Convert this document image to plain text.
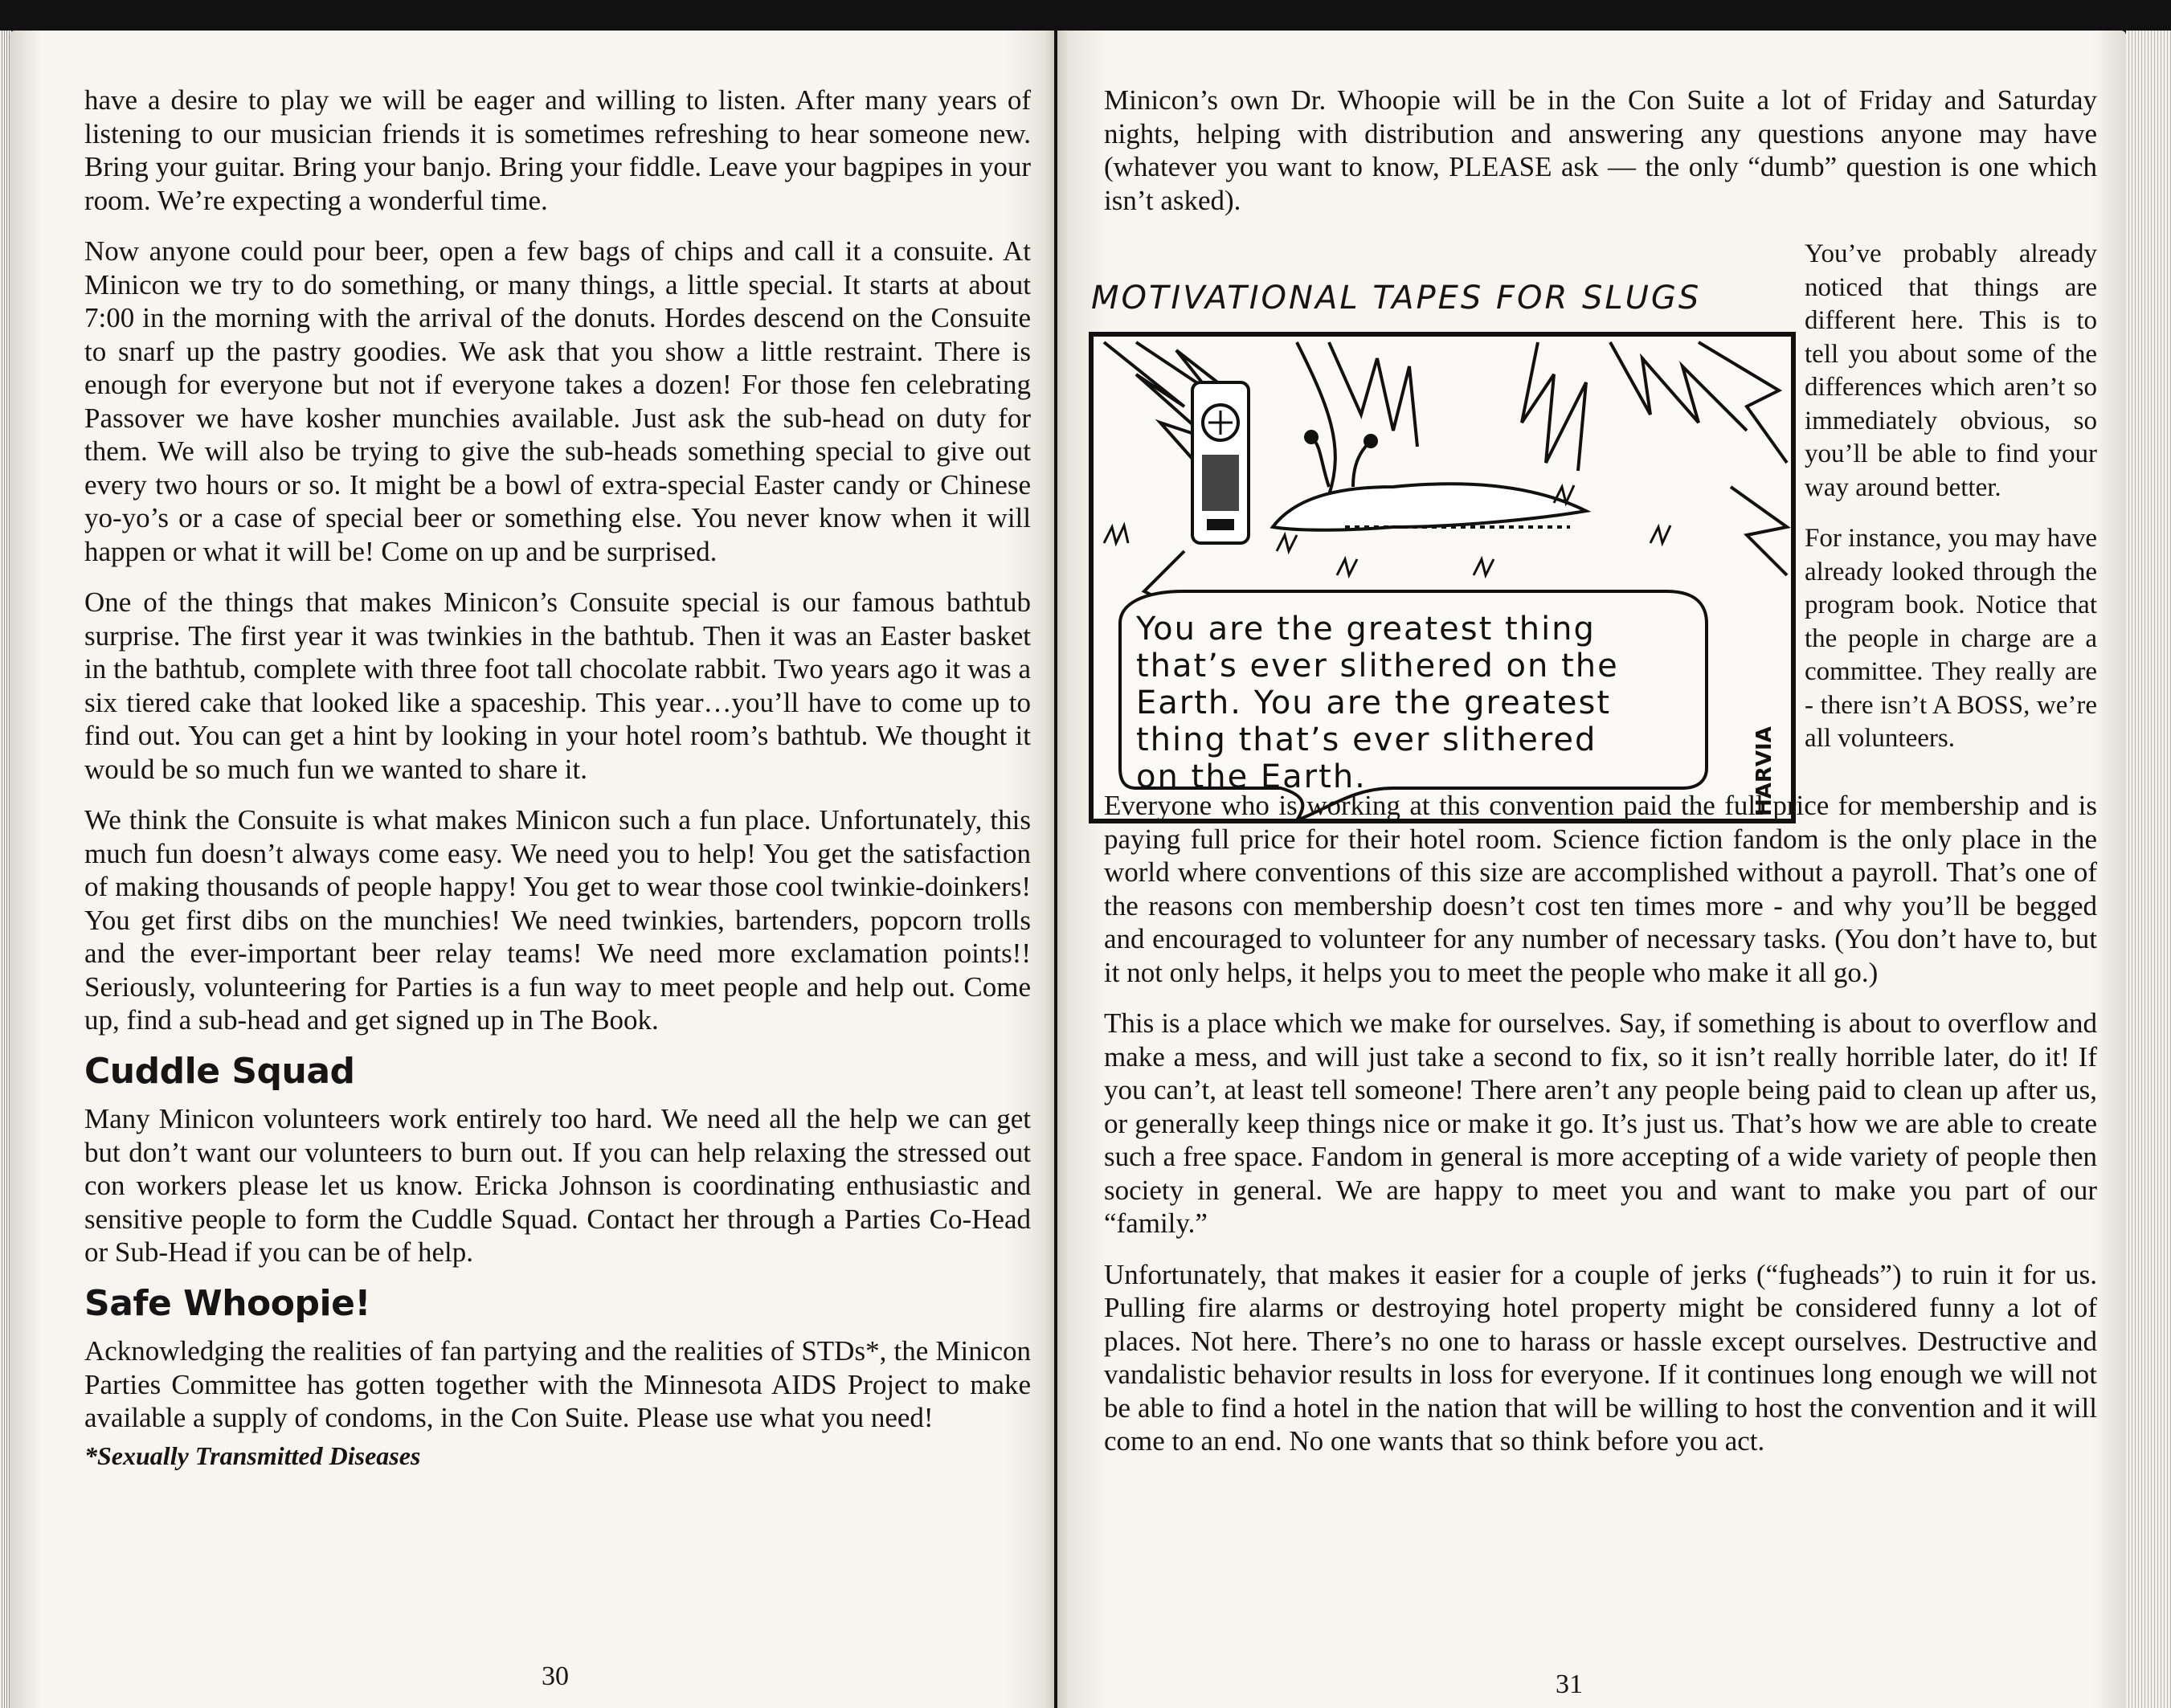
have a desire to play we will be eager and willing to listen. After many years of listening to our musician friends it is sometimes refreshing to hear someone new. Bring your guitar. Bring your banjo. Bring your fiddle. Leave your bagpipes in your room. We’re expecting a wonderful time.

Now anyone could pour beer, open a few bags of chips and call it a consuite. At Minicon we try to do something, or many things, a little special. It starts at about 7:00 in the morning with the arrival of the donuts. Hordes descend on the Consuite to snarf up the pastry goodies. We ask that you show a little restraint. There is enough for everyone but not if everyone takes a dozen! For those fen celebrating Passover we have kosher munchies available. Just ask the sub-head on duty for them. We will also be trying to give the sub-heads something special to give out every two hours or so. It might be a bowl of extra-special Easter candy or Chinese yo-yo’s or a case of special beer or something else. You never know when it will happen or what it will be! Come on up and be surprised.

One of the things that makes Minicon’s Consuite special is our famous bathtub surprise. The first year it was twinkies in the bathtub. Then it was an Easter basket in the bathtub, complete with three foot tall chocolate rabbit. Two years ago it was a six tiered cake that looked like a spaceship. This year…you’ll have to come up to find out. You can get a hint by looking in your hotel room’s bathtub. We thought it would be so much fun we wanted to share it.

We think the Consuite is what makes Minicon such a fun place. Unfortunately, this much fun doesn’t always come easy. We need you to help! You get the satisfaction of making thousands of people happy! You get to wear those cool twinkie-doinkers! You get first dibs on the munchies! We need twinkies, bartenders, popcorn trolls and the ever-important beer relay teams! We need more exclamation points!! Seriously, volunteering for Parties is a fun way to meet people and help out. Come up, find a sub-head and get signed up in The Book.

Cuddle Squad

Many Minicon volunteers work entirely too hard. We need all the help we can get but don’t want our volunteers to burn out. If you can help relaxing the stressed out con workers please let us know. Ericka Johnson is coordinating enthusiastic and sensitive people to form the Cuddle Squad. Contact her through a Parties Co-Head or Sub-Head if you can be of help.

Safe Whoopie!

Acknowledging the realities of fan partying and the realities of STDs*, the Minicon Parties Committee has gotten together with the Minnesota AIDS Project to make available a supply of condoms, in the Con Suite. Please use what you need!

*Sexually Transmitted Diseases
30

Minicon’s own Dr. Whoopie will be in the Con Suite a lot of Friday and Saturday nights, helping with distribution and answering any questions anyone may have (whatever you want to know, PLEASE ask — the only “dumb” question is one which isn’t asked).

MOTIVATIONAL TAPES FOR SLUGS
You are the greatest thing
that’s ever slithered on the
Earth. You are the greatest
thing that’s ever slithered
on the Earth.	HARVIA

You’ve probably already noticed that things are different here. This is to tell you about some of the differences which aren’t so immediately obvious, so you’ll be able to find your way around better.

For instance, you may have already looked through the program book. Notice that the people in charge are a committee. They really are - there isn’t A BOSS, we’re all volunteers.

Everyone who is working at this convention paid the full price for membership and is paying full price for their hotel room. Science fiction fandom is the only place in the world where conventions of this size are accomplished without a payroll. That’s one of the reasons con membership doesn’t cost ten times more - and why you’ll be begged and encouraged to volunteer for any number of necessary tasks. (You don’t have to, but it not only helps, it helps you to meet the people who make it all go.)

This is a place which we make for ourselves. Say, if something is about to overflow and make a mess, and will just take a second to fix, so it isn’t really horrible later, do it! If you can’t, at least tell someone! There aren’t any people being paid to clean up after us, or generally keep things nice or make it go. It’s just us. That’s how we are able to create such a free space. Fandom in general is more accepting of a wide variety of people then society in general. We are happy to meet you and want to make you part of our “family.”

Unfortunately, that makes it easier for a couple of jerks (“fugheads”) to ruin it for us. Pulling fire alarms or destroying hotel property might be considered funny a lot of places. Not here. There’s no one to harass or hassle except ourselves. Destructive and vandalistic behavior results in loss for everyone. If it continues long enough we will not be able to find a hotel in the nation that will be willing to host the convention and it will come to an end. No one wants that so think before you act.

31
